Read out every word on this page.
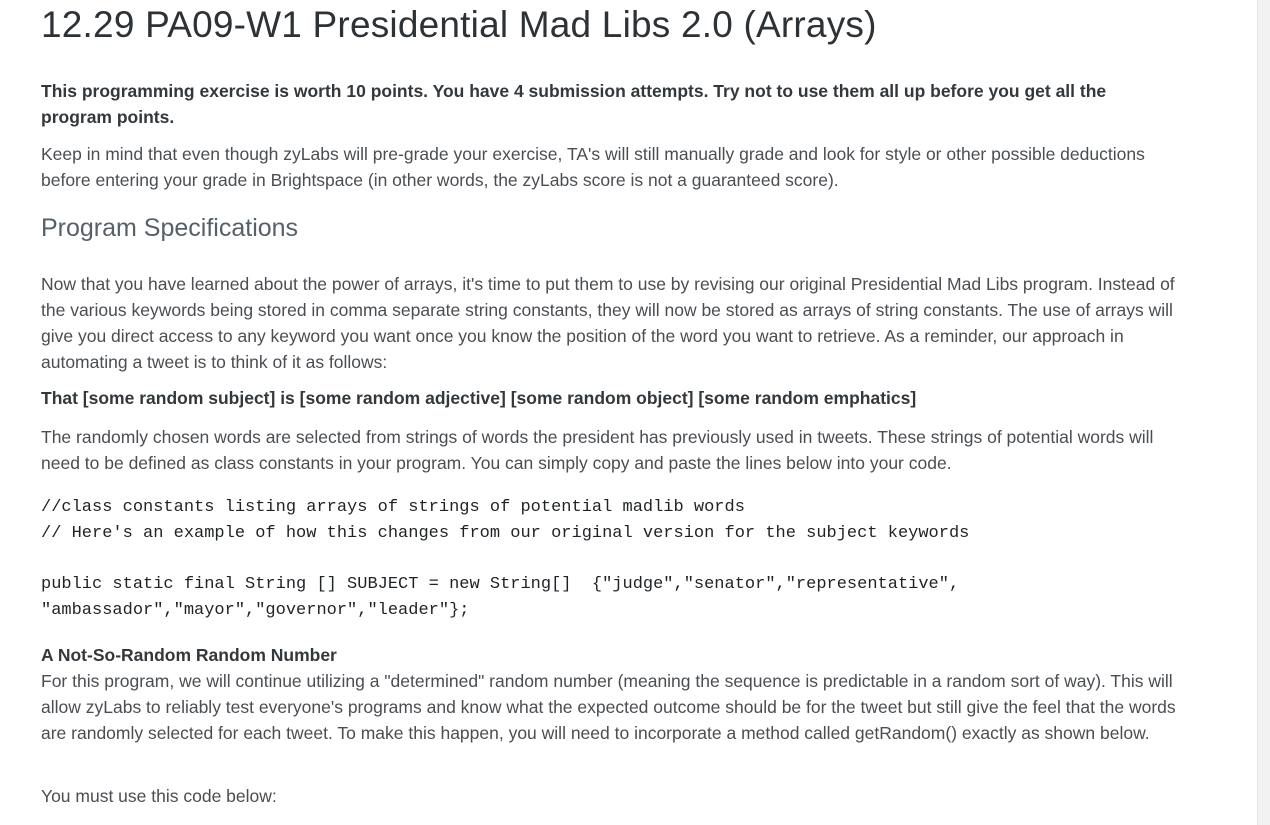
12.29 PA09-W1 Presidential Mad Libs 2.0 (Arrays)

This programming exercise is worth 10 points. You have 4 submission attempts. Try not to use them all up before you get all the program points.

Keep in mind that even though zyLabs will pre-grade your exercise, TA's will still manually grade and look for style or other possible deductions before entering your grade in Brightspace (in other words, the zyLabs score is not a guaranteed score).

Program Specifications

Now that you have learned about the power of arrays, it's time to put them to use by revising our original Presidential Mad Libs program. Instead of the various keywords being stored in comma separate string constants, they will now be stored as arrays of string constants. The use of arrays will give you direct access to any keyword you want once you know the position of the word you want to retrieve. As a reminder, our approach in automating a tweet is to think of it as follows:

That [some random subject] is [some random adjective] [some random object] [some random emphatics]

The randomly chosen words are selected from strings of words the president has previously used in tweets. These strings of potential words will need to be defined as class constants in your program. You can simply copy and paste the lines below into your code.

//class constants listing arrays of strings of potential madlib words
// Here's an example of how this changes from our original version for the subject keywords
public static final String [] SUBJECT = new String[]  {"judge","senator","representative",
"ambassador","mayor","governor","leader"};

A Not-So-Random Random Number

For this program, we will continue utilizing a "determined" random number (meaning the sequence is predictable in a random sort of way). This will allow zyLabs to reliably test everyone's programs and know what the expected outcome should be for the tweet but still give the feel that the words are randomly selected for each tweet. To make this happen, you will need to incorporate a method called getRandom() exactly as shown below.

You must use this code below:
